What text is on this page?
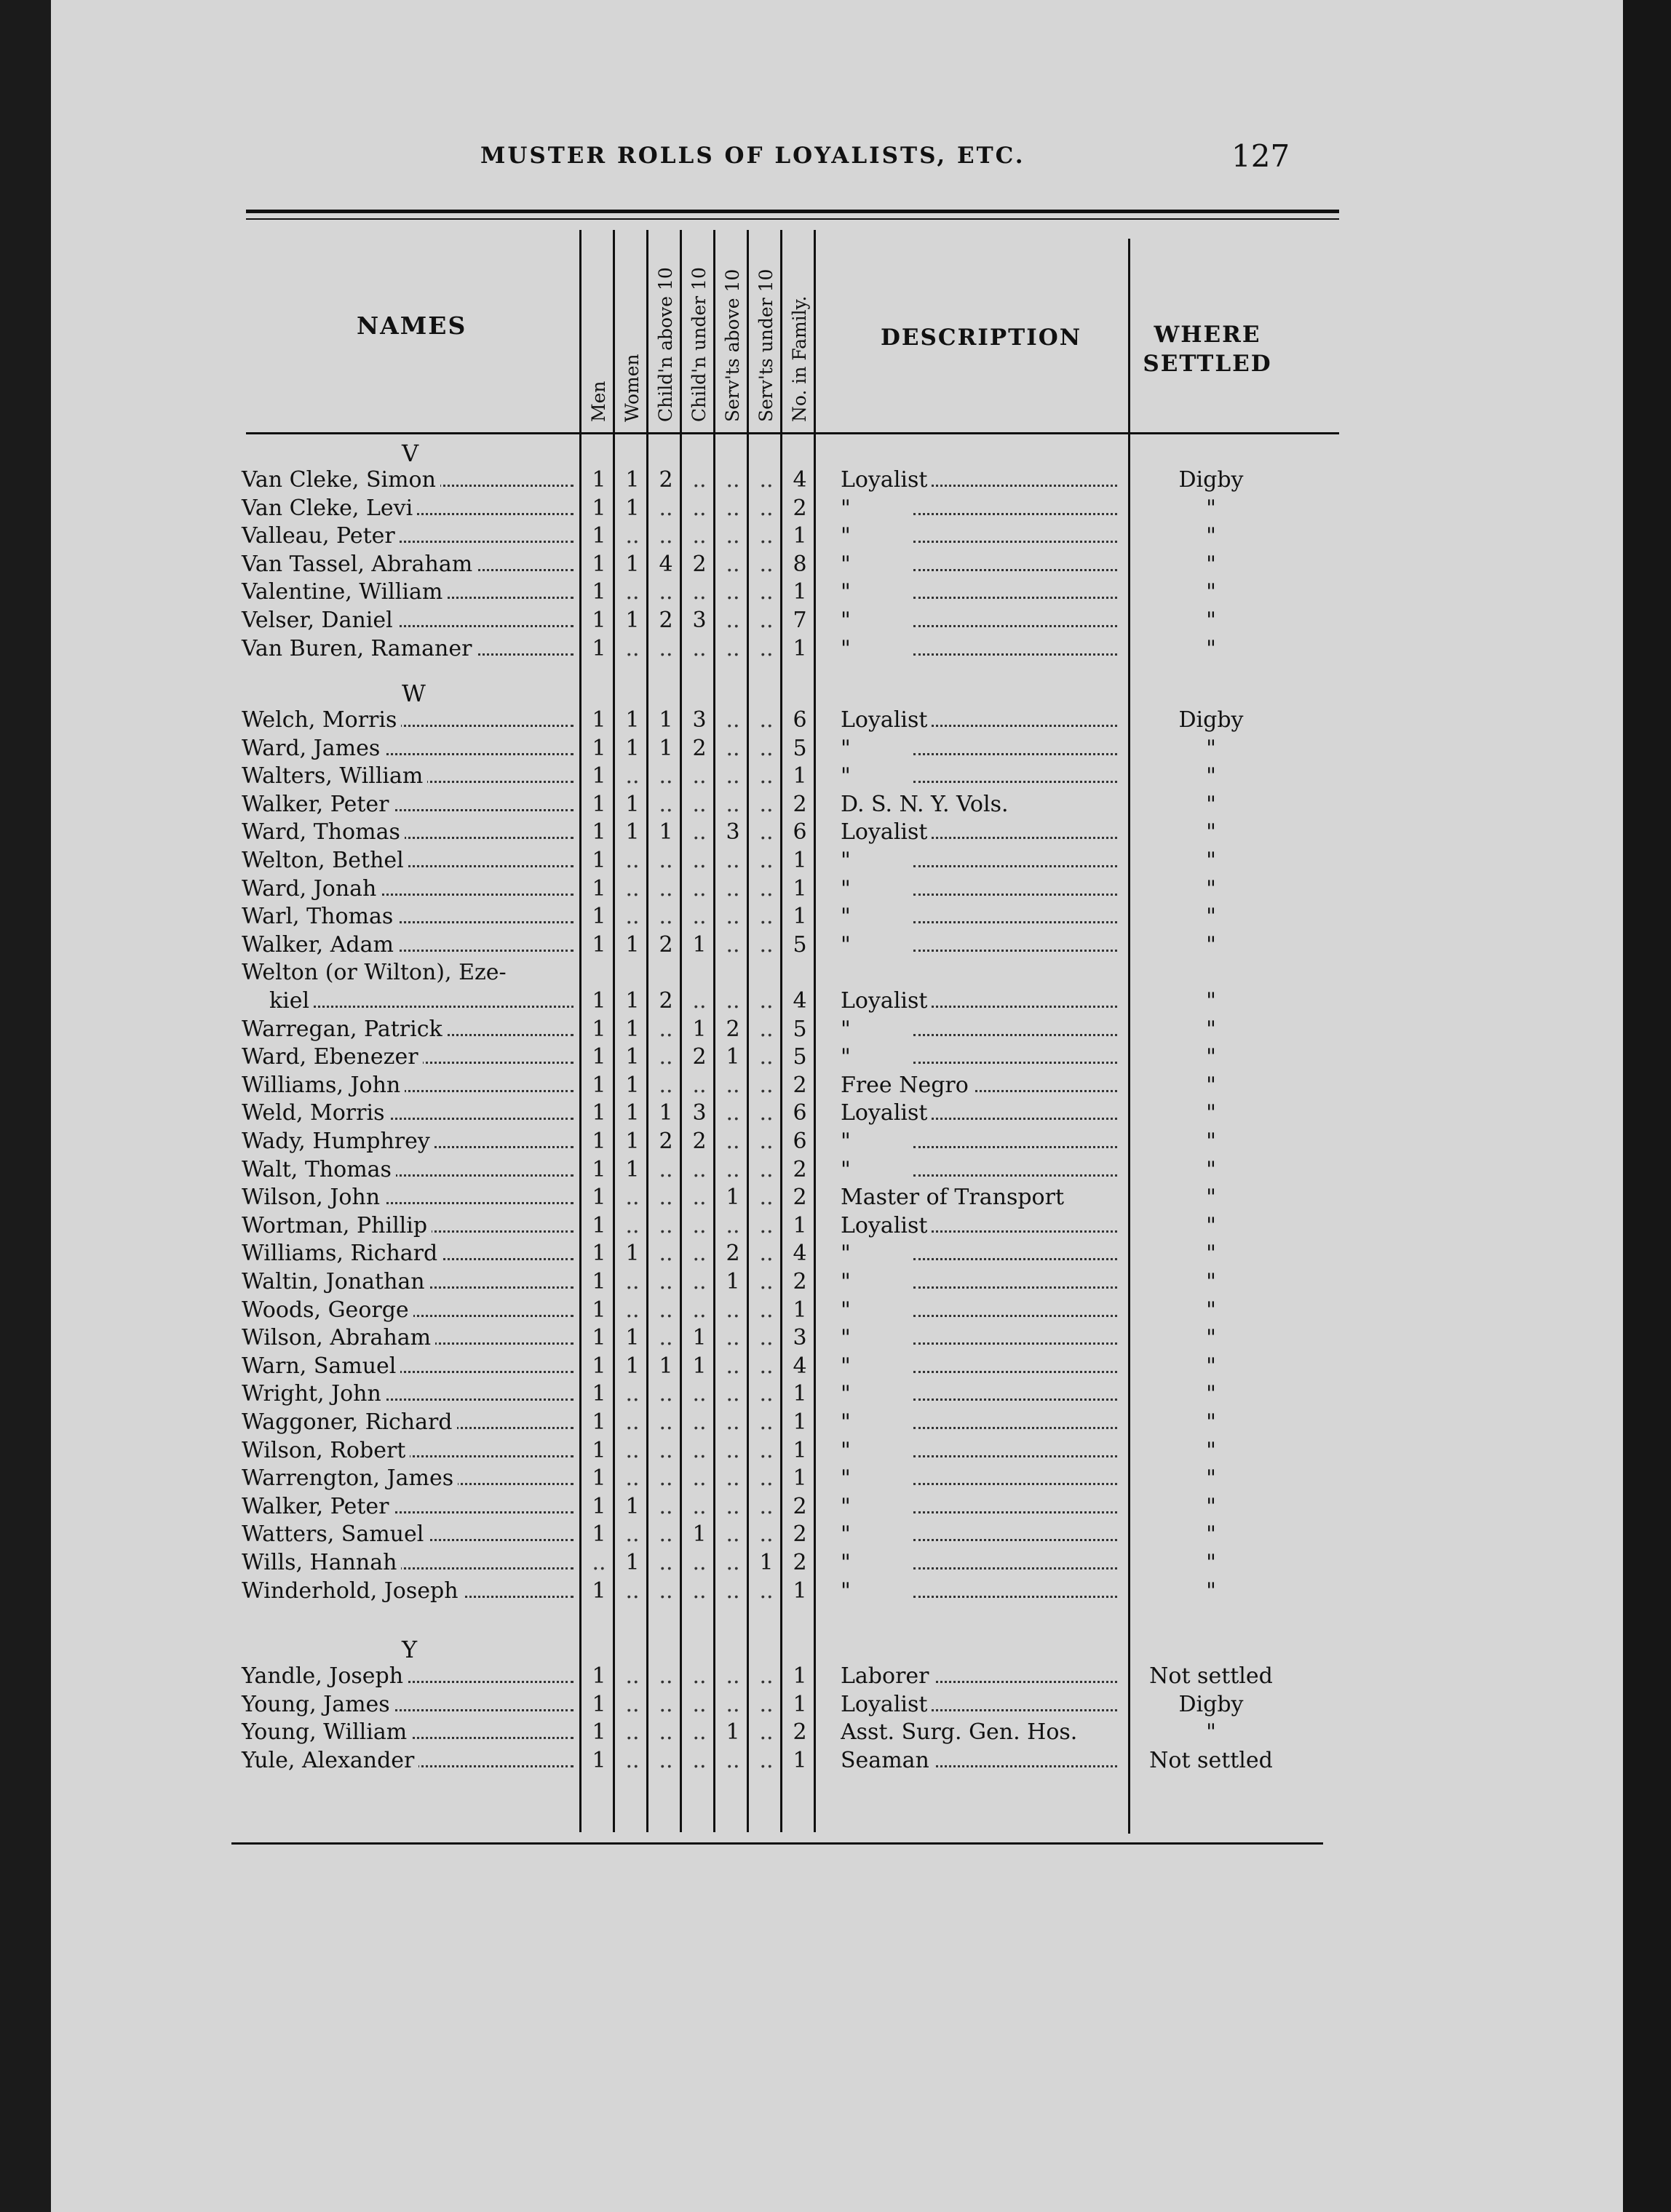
MUSTER ROLLS OF LOYALISTS, ETC.	127
NAMES
Men Women Child'n above 10 Child'n under 10 Serv'ts above 10 Serv'ts under 10 No. in Family.	DESCRIPTION	WHERE
SETTLED
V
Van Cleke, Simon	1 1 2 .. .. .. 4	Loyalist	Digby
Van Cleke, Levi	1 1 .. .. .. .. 2	"	"
Valleau, Peter	1 .. .. .. .. .. 1	"	"
Van Tassel, Abraham	1 1 4 2 .. .. 8	"	"
Valentine, William	1 .. .. .. .. .. 1	"	"
Velser, Daniel	1 1 2 3 .. .. 7	"	"
Van Buren, Ramaner	1 .. .. .. .. .. 1	"	"
W
Welch, Morris	1 1 1 3 .. .. 6	Loyalist	Digby
Ward, James	1 1 1 2 .. .. 5	"	"
Walters, William	1 .. .. .. .. .. 1	"	"
Walker, Peter	1 1 .. .. .. .. 2	D. S. N. Y. Vols.	"
Ward, Thomas	1 1 1 .. 3 .. 6	Loyalist	"
Welton, Bethel	1 .. .. .. .. .. 1	"	"
Ward, Jonah	1 .. .. .. .. .. 1	"	"
Warl, Thomas	1 .. .. .. .. .. 1	"	"
Walker, Adam	1 1 2 1 .. .. 5	"	"
Welton (or Wilton), Eze-
kiel	1 1 2 .. .. .. 4	Loyalist	"
Warregan, Patrick	1 1 .. 1 2 .. 5	"	"
Ward, Ebenezer	1 1 .. 2 1 .. 5	"	"
Williams, John	1 1 .. .. .. .. 2	Free Negro	"
Weld, Morris	1 1 1 3 .. .. 6	Loyalist	"
Wady, Humphrey	1 1 2 2 .. .. 6	"	"
Walt, Thomas	1 1 .. .. .. .. 2	"	"
Wilson, John	1 .. .. .. 1 .. 2	Master of Transport	"
Wortman, Phillip	1 .. .. .. .. .. 1	Loyalist	"
Williams, Richard	1 1 .. .. 2 .. 4	"	"
Waltin, Jonathan	1 .. .. .. 1 .. 2	"	"
Woods, George	1 .. .. .. .. .. 1	"	"
Wilson, Abraham	1 1 .. 1 .. .. 3	"	"
Warn, Samuel	1 1 1 1 .. .. 4	"	"
Wright, John	1 .. .. .. .. .. 1	"	"
Waggoner, Richard	1 .. .. .. .. .. 1	"	"
Wilson, Robert	1 .. .. .. .. .. 1	"	"
Warrengton, James	1 .. .. .. .. .. 1	"	"
Walker, Peter	1 1 .. .. .. .. 2	"	"
Watters, Samuel	1 .. .. 1 .. .. 2	"	"
Wills, Hannah	.. 1 .. .. .. 1 2	"	"
Winderhold, Joseph	1 .. .. .. .. .. 1	"	"
Y
Yandle, Joseph	1 .. .. .. .. .. 1	Laborer	Not settled
Young, James	1 .. .. .. .. .. 1	Loyalist	Digby
Young, William	1 .. .. .. 1 .. 2	Asst. Surg. Gen. Hos.	"
Yule, Alexander	1 .. .. .. .. .. 1	Seaman	Not settled
